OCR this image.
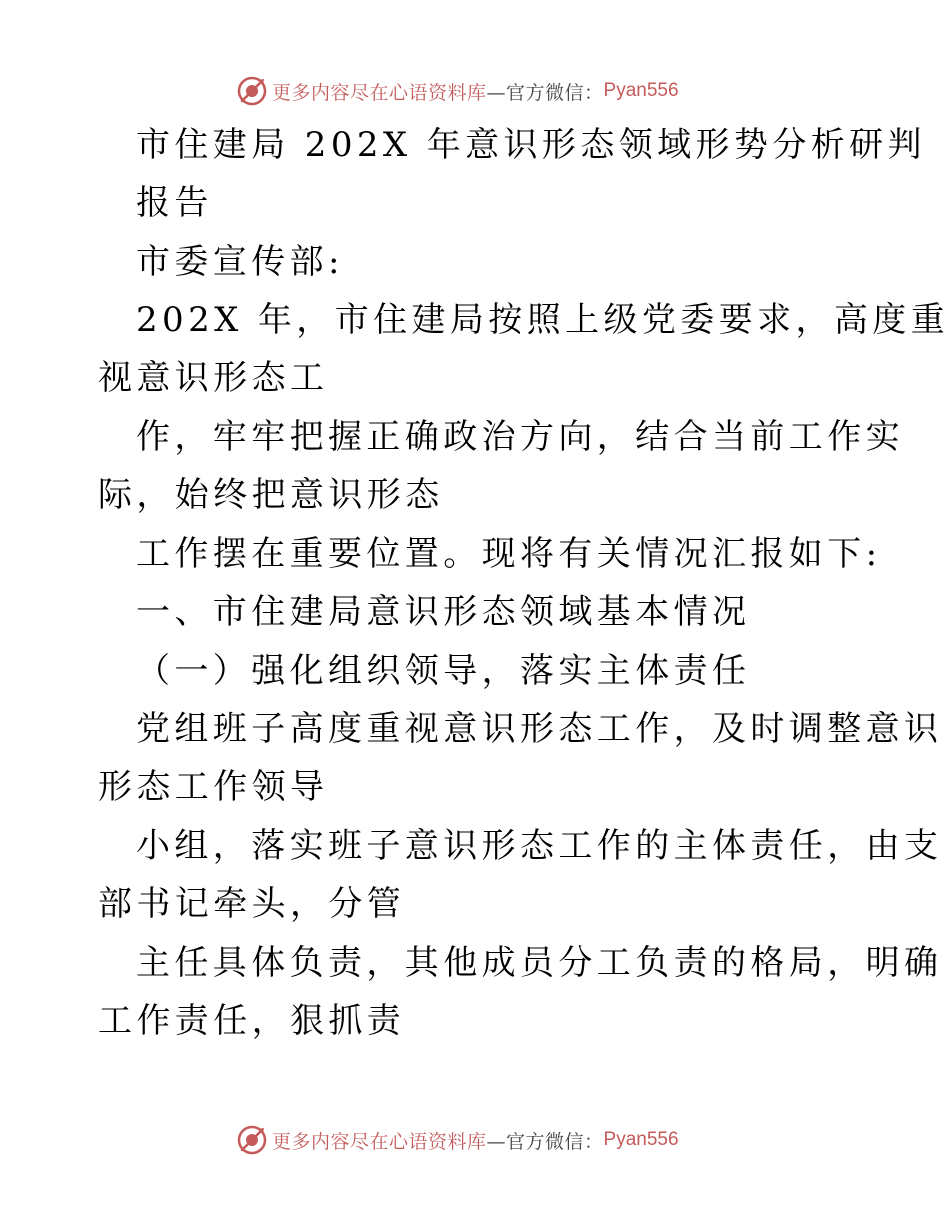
更多内容尽在心语资料库 —官方微信： Pyan556
市住建局 202X 年意识形态领域形势分析研判
报告
市委宣传部:
202X 年，市住建局按照上级党委要求，高度重
视意识形态工
作，牢牢把握正确政治方向，结合当前工作实
际，始终把意识形态
工作摆在重要位置。现将有关情况汇报如下:
一、市住建局意识形态领域基本情况
（一）强化组织领导，落实主体责任
党组班子高度重视意识形态工作，及时调整意识
形态工作领导
小组，落实班子意识形态工作的主体责任，由支
部书记牵头，分管
主任具体负责，其他成员分工负责的格局，明确
工作责任，狠抓责
更多内容尽在心语资料库 —官方微信： Pyan556
